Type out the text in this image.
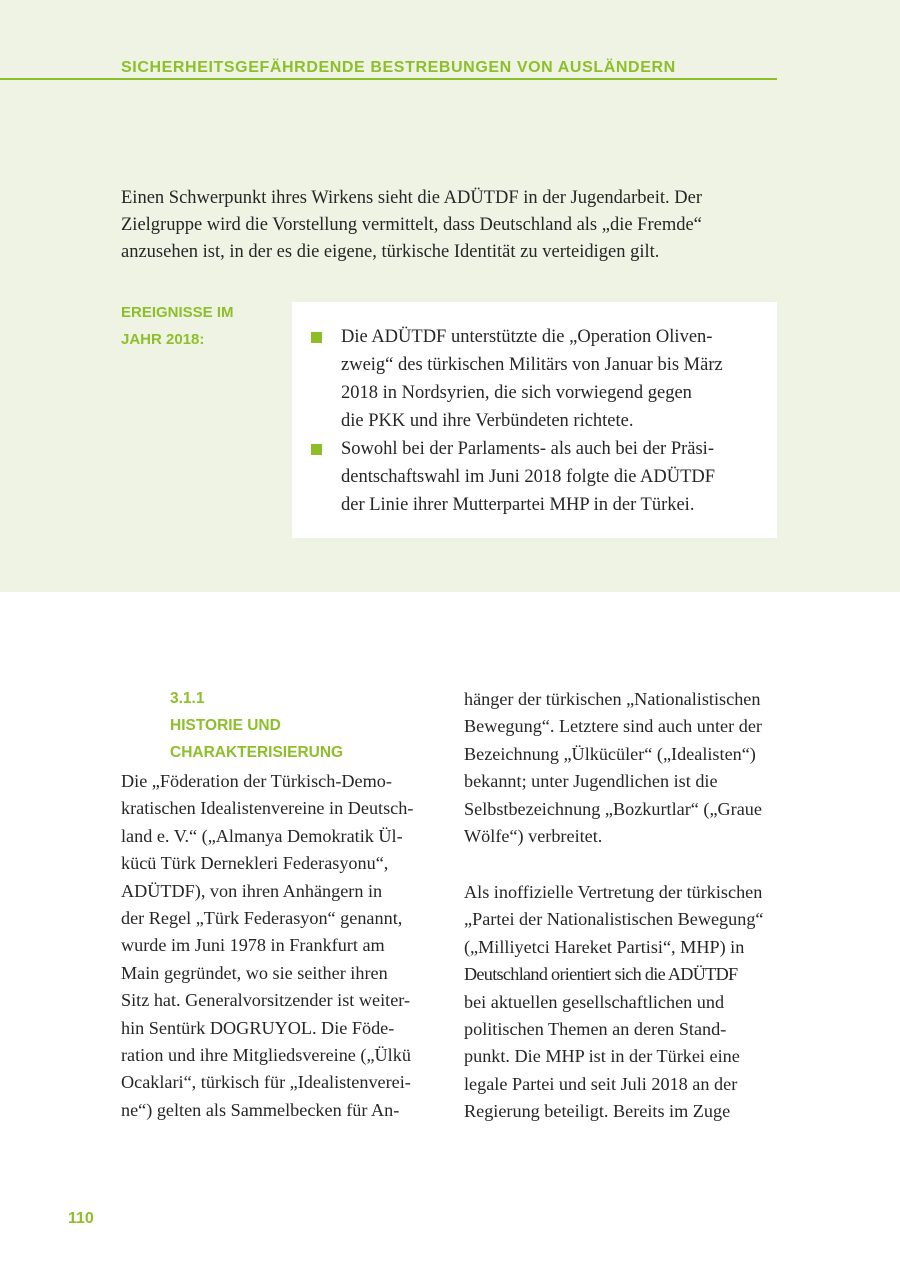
SICHERHEITSGEFÄHRDENDE BESTREBUNGEN VON AUSLÄNDERN
Einen Schwerpunkt ihres Wirkens sieht die ADÜTDF in der Jugendarbeit. Der
Zielgruppe wird die Vorstellung vermittelt, dass Deutschland als „die Fremde“
anzusehen ist, in der es die eigene, türkische Identität zu verteidigen gilt.
EREIGNISSE IM
JAHR 2018:	Die ADÜTDF unterstützte die „Operation Oliven-
zweig“ des türkischen Militärs von Januar bis März
2018 in Nordsyrien, die sich vorwiegend gegen
die PKK und ihre Verbündeten richtete.
Sowohl bei der Parlaments- als auch bei der Präsi-
dentschaftswahl im Juni 2018 folgte die ADÜTDF
der Linie ihrer Mutterpartei MHP in der Türkei.
3.1.1
HISTORIE UND
CHARAKTERISIERUNG
Die „Föderation der Türkisch-Demo-
kratischen Idealistenvereine in Deutsch-
land e. V.“ („Almanya Demokratik Ül-
kücü Türk Dernekleri Federasyonu“,
ADÜTDF), von ihren Anhängern in
der Regel „Türk Federasyon“ genannt,
wurde im Juni 1978 in Frankfurt am
Main gegründet, wo sie seither ihren
Sitz hat. Generalvorsitzender ist weiter-
hin Sentürk DOGRUYOL. Die Föde-
ration und ihre Mitgliedsvereine („Ülkü
Ocaklari“, türkisch für „Idealistenverei-
ne“) gelten als Sammelbecken für An-
hänger der türkischen „Nationalistischen
Bewegung“. Letztere sind auch unter der
Bezeichnung „Ülkücüler“ („Idealisten“)
bekannt; unter Jugendlichen ist die
Selbstbezeichnung „Bozkurtlar“ („Graue
Wölfe“) verbreitet.
Als inoffizielle Vertretung der türkischen
„Partei der Nationalistischen Bewegung“
(„Milliyetci Hareket Partisi“, MHP) in
Deutschland orientiert sich die ADÜTDF
bei aktuellen gesellschaftlichen und
politischen Themen an deren Stand-
punkt. Die MHP ist in der Türkei eine
legale Partei und seit Juli 2018 an der
Regierung beteiligt. Bereits im Zuge
110
